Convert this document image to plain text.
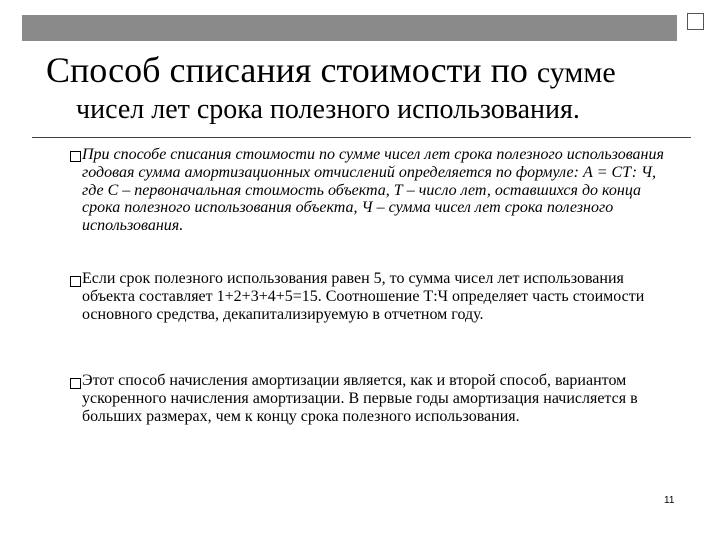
Способ списания стоимости по сумме
чисел лет срока полезного использования.
При способе списания стоимости по сумме чисел лет срока полезного использования годовая сумма амортизационных отчислений определяется по формуле: А = СТ: Ч, где С – первоначальная стоимость объекта, Т – число лет, оставшихся до конца срока полезного использования объекта, Ч – сумма чисел лет срока полезного использования.
Если срок полезного использования равен 5, то сумма чисел лет использования объекта составляет 1+2+3+4+5=15. Соотношение Т:Ч определяет часть стоимости основного средства, декапитализируемую в отчетном году.
Этот способ начисления амортизации является, как и второй способ, вариантом ускоренного начисления амортизации. В первые годы амортизация начисляется в больших размерах, чем к концу срока полезного использования.
11
